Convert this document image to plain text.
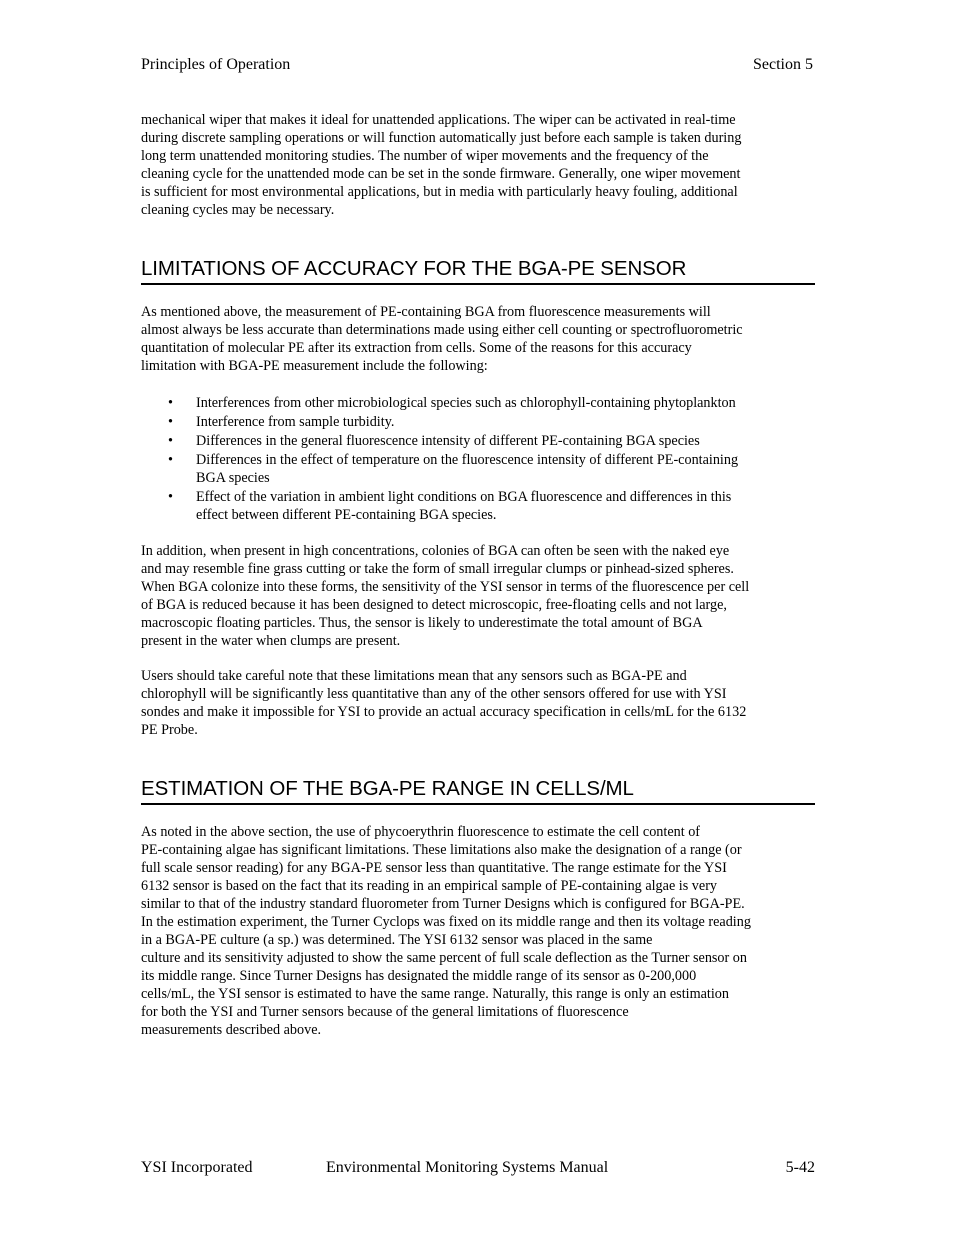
Principles of Operation	Section 5

mechanical wiper that makes it ideal for unattended applications. The wiper can be activated in real-time
during discrete sampling operations or will function automatically just before each sample is taken during
long term unattended monitoring studies. The number of wiper movements and the frequency of the
cleaning cycle for the unattended mode can be set in the sonde firmware. Generally, one wiper movement
is sufficient for most environmental applications, but in media with particularly heavy fouling, additional
cleaning cycles may be necessary.

LIMITATIONS OF ACCURACY FOR THE BGA-PE SENSOR

As mentioned above, the measurement of PE-containing BGA from fluorescence measurements will
almost always be less accurate than determinations made using either cell counting or spectrofluorometric
quantitation of molecular PE after its extraction from cells. Some of the reasons for this accuracy
limitation with BGA-PE measurement include the following:

• Interferences from other microbiological species such as chlorophyll-containing phytoplankton
• Interference from sample turbidity.
• Differences in the general fluorescence intensity of different PE-containing BGA species
• Differences in the effect of temperature on the fluorescence intensity of different PE-containing
BGA species
• Effect of the variation in ambient light conditions on BGA fluorescence and differences in this
effect between different PE-containing BGA species.

In addition, when present in high concentrations, colonies of BGA can often be seen with the naked eye
and may resemble fine grass cutting or take the form of small irregular clumps or pinhead-sized spheres.
When BGA colonize into these forms, the sensitivity of the YSI sensor in terms of the fluorescence per cell
of BGA is reduced because it has been designed to detect microscopic, free-floating cells and not large,
macroscopic floating particles. Thus, the sensor is likely to underestimate the total amount of BGA
present in the water when clumps are present.

Users should take careful note that these limitations mean that any sensors such as BGA-PE and
chlorophyll will be significantly less quantitative than any of the other sensors offered for use with YSI
sondes and make it impossible for YSI to provide an actual accuracy specification in cells/mL for the 6132
PE Probe.

ESTIMATION OF THE BGA-PE RANGE IN CELLS/ML

As noted in the above section, the use of phycoerythrin fluorescence to estimate the cell content of
PE-containing algae has significant limitations. These limitations also make the designation of a range (or
full scale sensor reading) for any BGA-PE sensor less than quantitative. The range estimate for the YSI
6132 sensor is based on the fact that its reading in an empirical sample of PE-containing algae is very
similar to that of the industry standard fluorometer from Turner Designs which is configured for BGA-PE.
In the estimation experiment, the Turner Cyclops was fixed on its middle range and then its voltage reading
in a BGA-PE culture (a sp.) was determined. The YSI 6132 sensor was placed in the same
culture and its sensitivity adjusted to show the same percent of full scale deflection as the Turner sensor on
its middle range. Since Turner Designs has designated the middle range of its sensor as 0-200,000
cells/mL, the YSI sensor is estimated to have the same range. Naturally, this range is only an estimation
for both the YSI and Turner sensors because of the general limitations of fluorescence
measurements described above.

YSI Incorporated	Environmental Monitoring Systems Manual	5-42
